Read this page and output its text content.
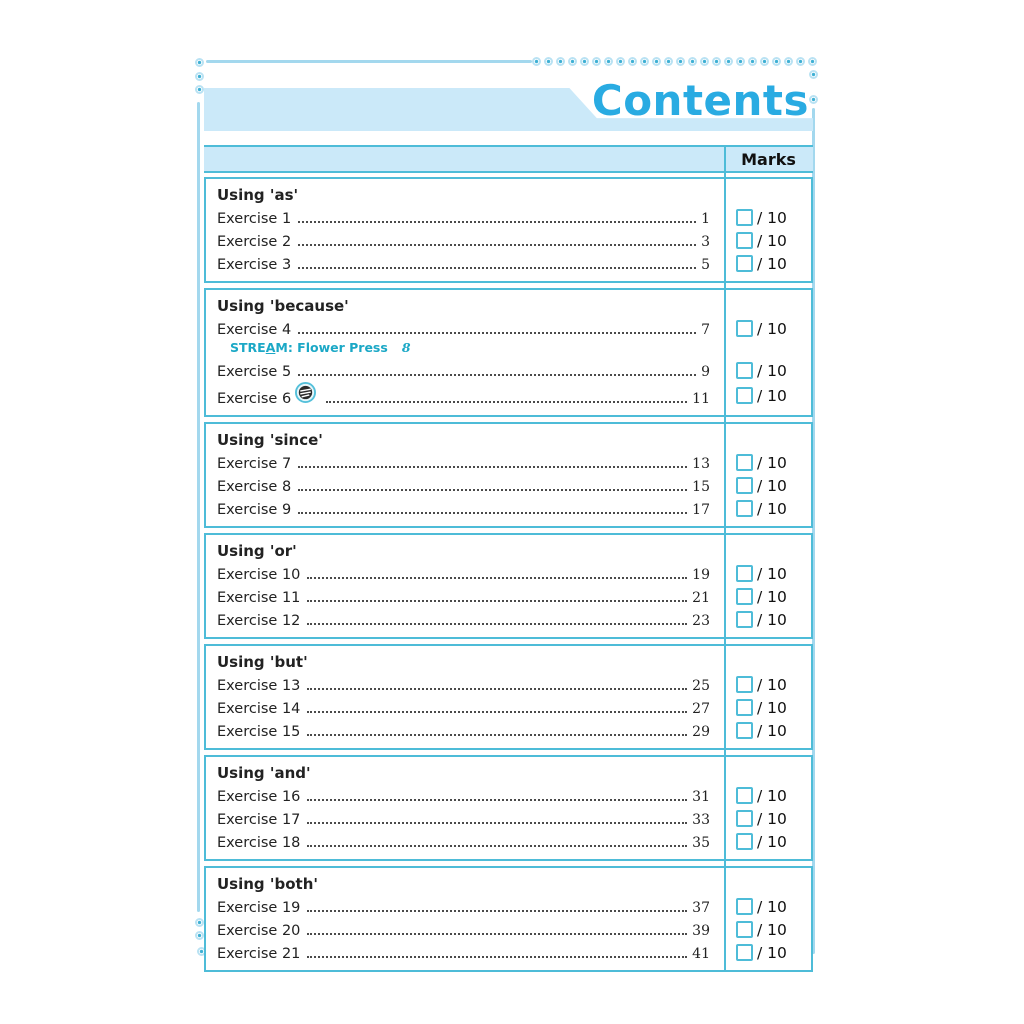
Contents
Marks
Using 'as'
Exercise 1	1	/ 10
Exercise 2	3	/ 10
Exercise 3	5	/ 10
Using 'because'
Exercise 4	7	/ 10
STREAM: Flower Press 8
Exercise 5	9	/ 10
Exercise 6	11	/ 10
Using 'since'
Exercise 7	13	/ 10
Exercise 8	15	/ 10
Exercise 9	17	/ 10
Using 'or'
Exercise 10	19	/ 10
Exercise 11	21	/ 10
Exercise 12	23	/ 10
Using 'but'
Exercise 13	25	/ 10
Exercise 14	27	/ 10
Exercise 15	29	/ 10
Using 'and'
Exercise 16	31	/ 10
Exercise 17	33	/ 10
Exercise 18	35	/ 10
Using 'both'
Exercise 19	37	/ 10
Exercise 20	39	/ 10
Exercise 21	41	/ 10
